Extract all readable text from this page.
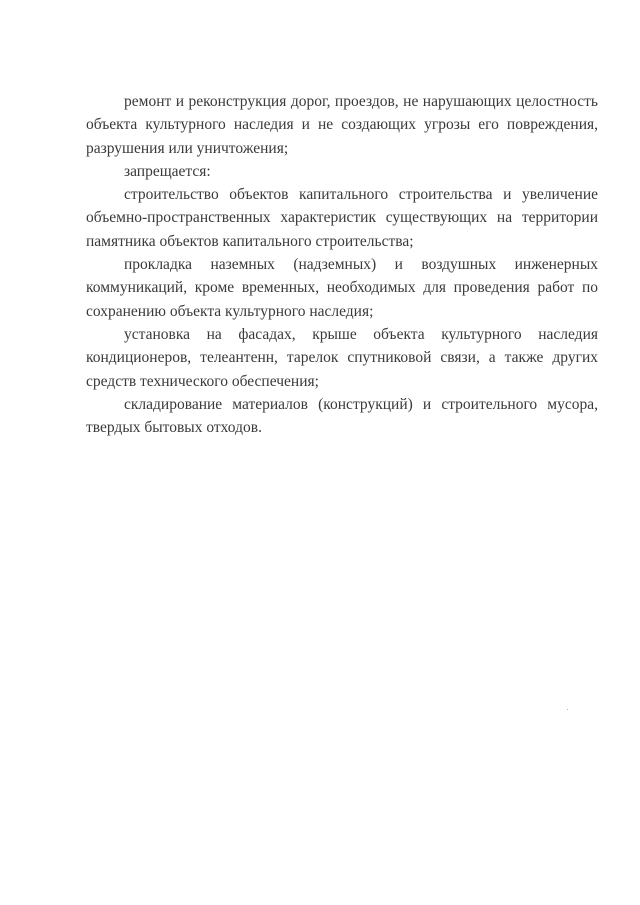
ремонт и реконструкция дорог, проездов, не нарушающих целостность объекта культурного наследия и не создающих угрозы его повреждения, разрушения или уничтожения;

запрещается:

строительство объектов капитального строительства и увеличение объемно-пространственных характеристик существующих на территории памятника объектов капитального строительства;

прокладка наземных (надземных) и воздушных инженерных коммуникаций, кроме временных, необходимых для проведения работ по сохранению объекта культурного наследия;

установка на фасадах, крыше объекта культурного наследия кондиционеров, телеантенн, тарелок спутниковой связи, а также других средств технического обеспечения;

складирование материалов (конструкций) и строительного мусора, твердых бытовых отходов.
